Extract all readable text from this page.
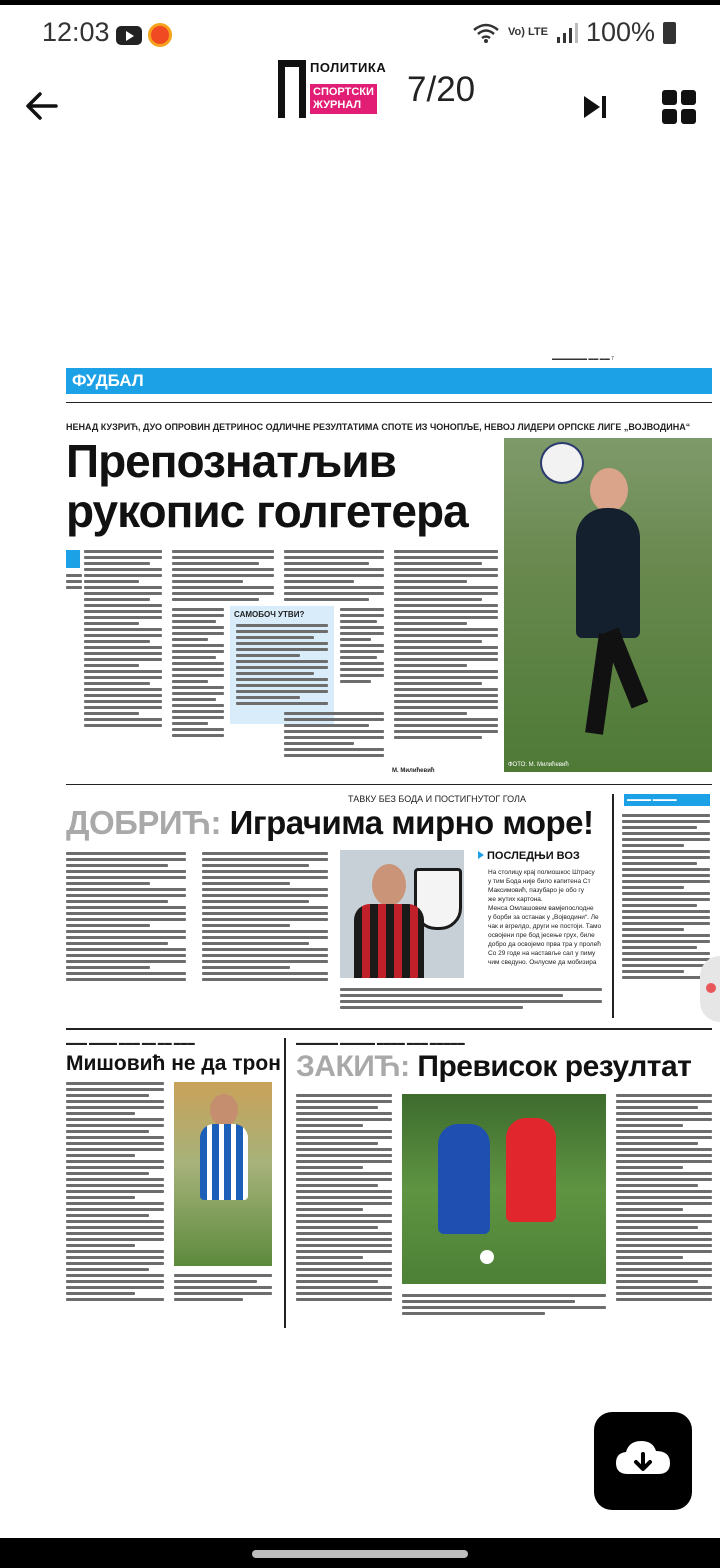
12:03	Vo) LTE 100%
ПОЛИТИКА
СПОРТСКИ
ЖУРНАЛ	7/20
▬▬▬▬▬▬▬ ▬▬ ▬▬ 7
ФУДБАЛ
НЕНАД КУЗРИЋ, ДУО ОПРОВИН ДЕТРИНОС ОДЛИЧНЕ РЕЗУЛТАТИМА СПОТЕ ИЗ ЧОНОПЉЕ, НЕВОЈ ЛИДЕРИ ОРПСКЕ ЛИГЕ „ВОЈВОДИНА“
Препознатљив
рукопис голгетера
САМОБОЧ УТВИ?
М. Милићевић
ФОТО: М. Милићевић
ТАВКУ БЕЗ БОДА И ПОСТИГНУТОГ ГОЛА
ДОБРИЋ: Играчима мирно море!
▬▬▬▬ ▬▬▬▬
ПОСЛЕДЊИ ВОЗ
На столицу крај полиошкос Штрасу
у тим Бода није било капитена Ст
Максимовић, пазубаро је обо гу
же жутих картона.
Менса Омлашовем вамјепослодне
у борби за останак у „Војводини“. Ле
чак и вгрелдо, други не постоји. Тамо
освојени пре бод јесење грух, биле
добро да освојемо прва тра у пролећ
Со 29 годе на наставље сал у пиму
чим сведуно. Онлусме да мобизира
▬▬▬ ▬▬▬▬ ▬▬▬ ▬▬ ▬▬ ▬▬▬
Мишовић не да трон
▬▬▬▬▬▬ ▬▬▬▬▬ ▬▬▬▬ ▬▬▬ ▬▬▬▬▬
ЗАКИЋ: Превисок резултат
